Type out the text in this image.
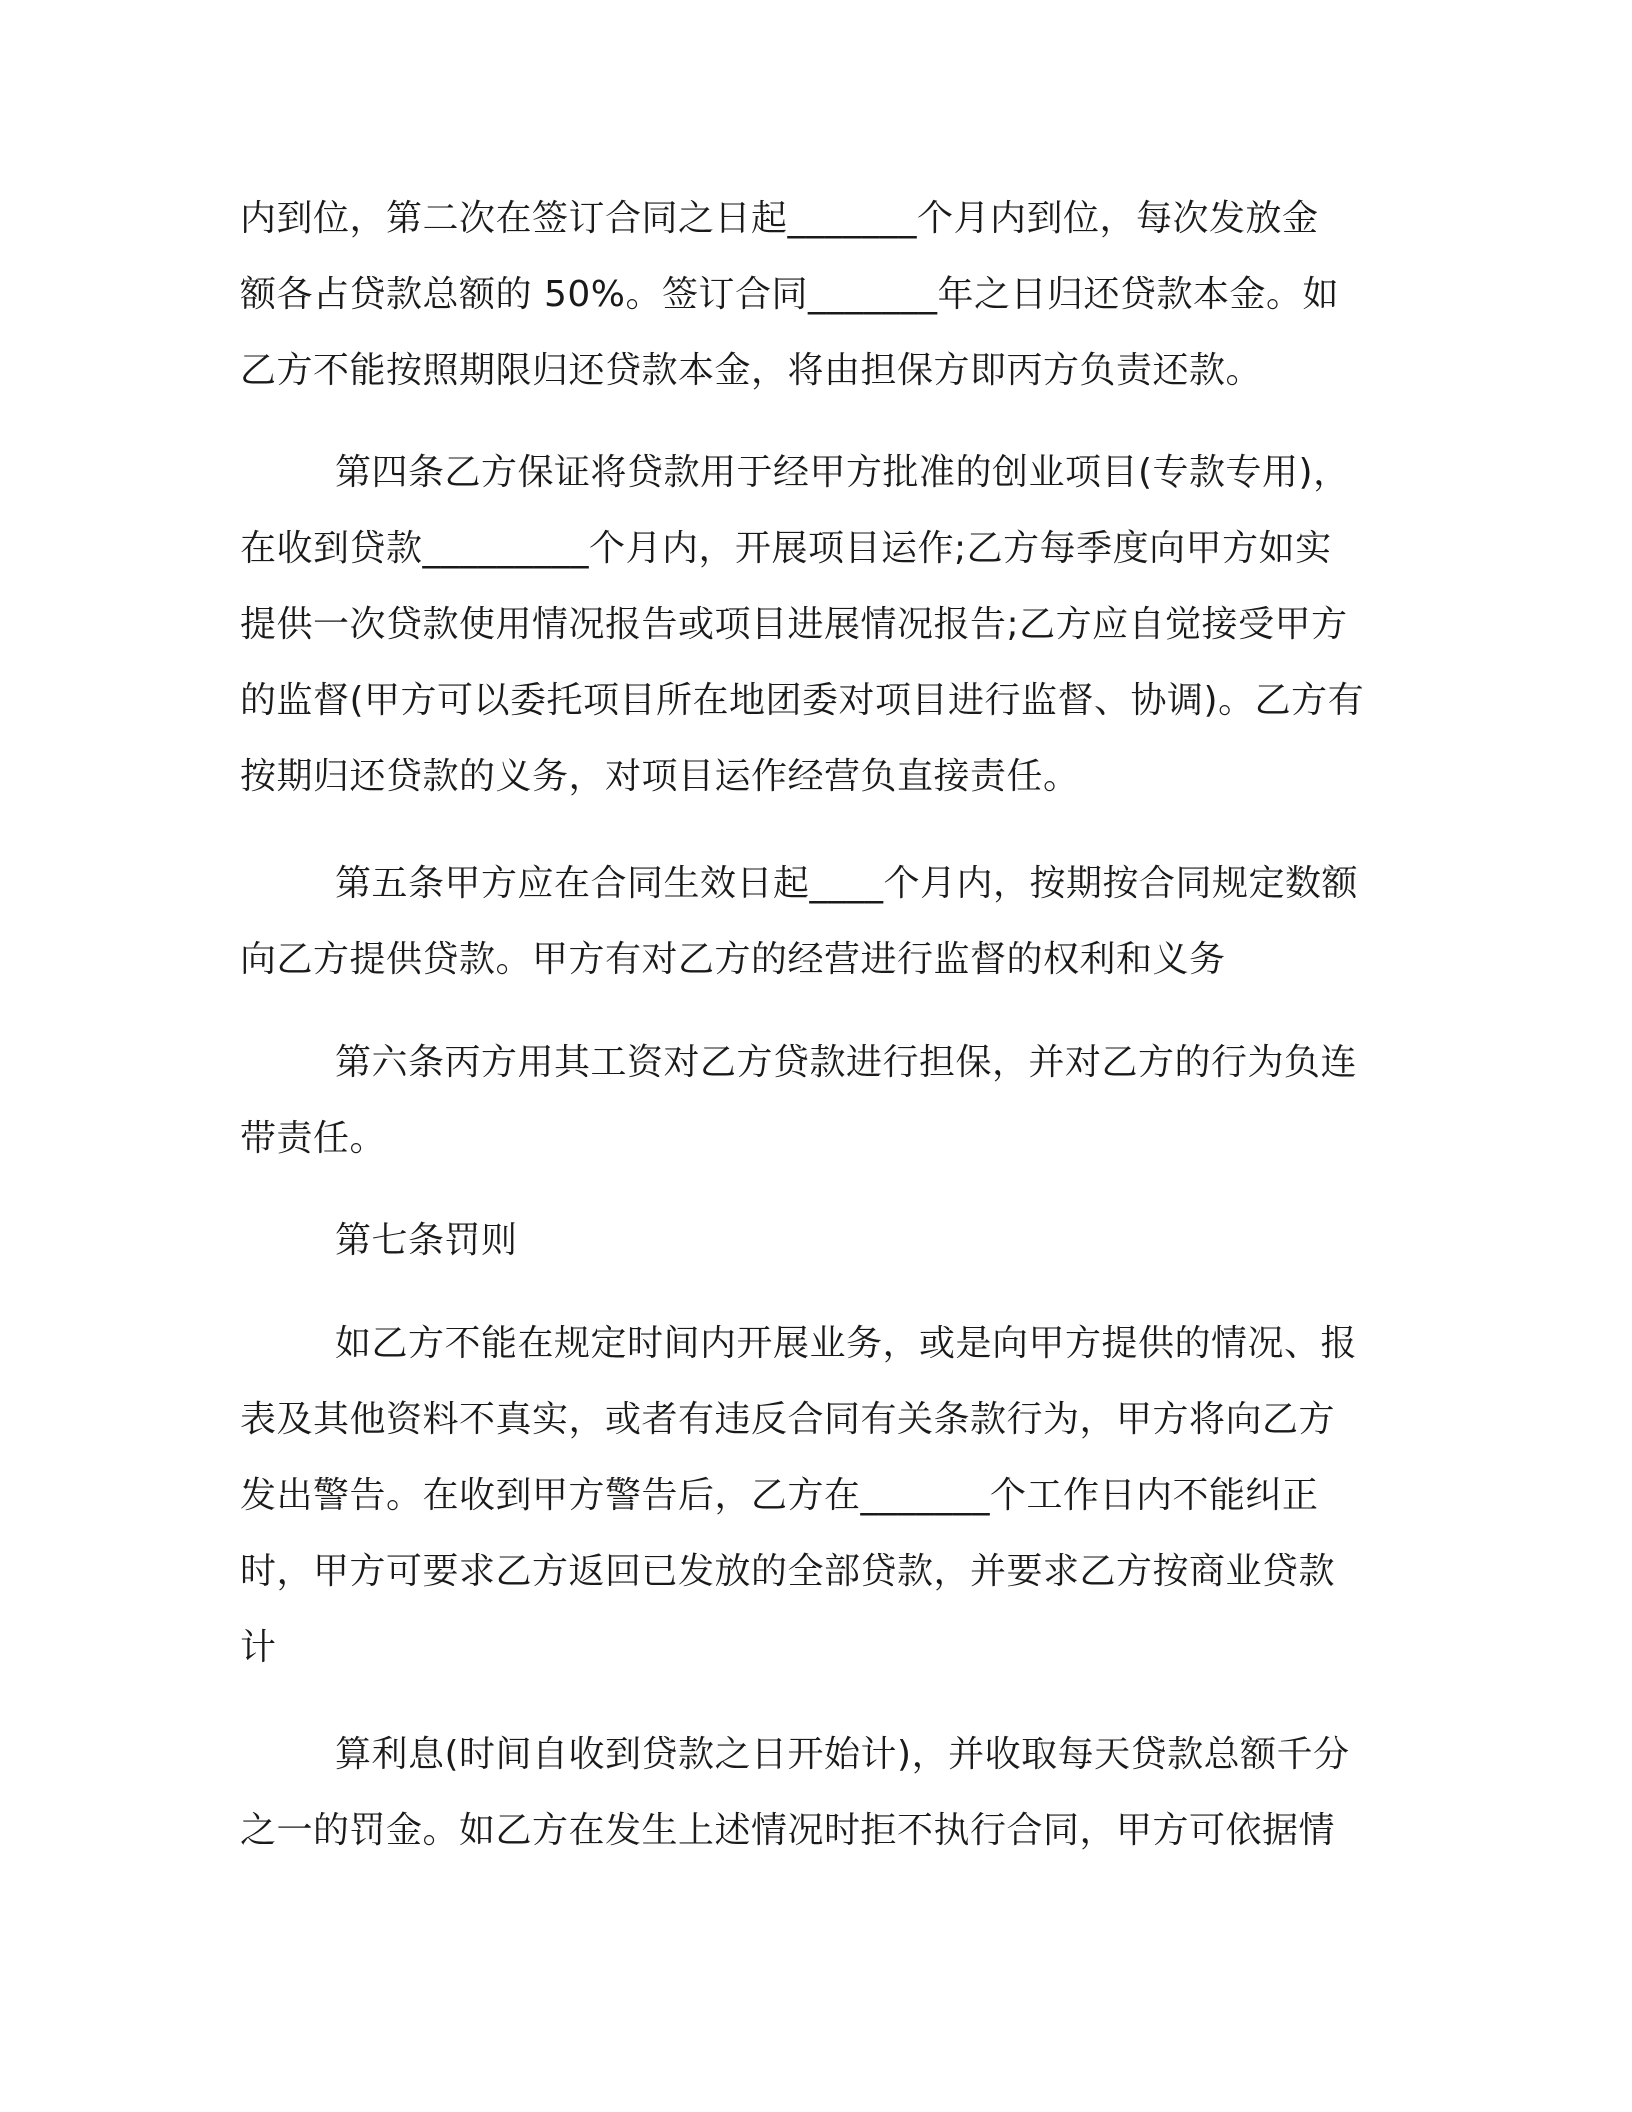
内到位，第二次在签订合同之日起_______个月内到位，每次发放金
额各占贷款总额的 50%。签订合同_______年之日归还贷款本金。如
乙方不能按照期限归还贷款本金，将由担保方即丙方负责还款。
第四条乙方保证将贷款用于经甲方批准的创业项目(专款专用)，
在收到贷款_________个月内，开展项目运作;乙方每季度向甲方如实
提供一次贷款使用情况报告或项目进展情况报告;乙方应自觉接受甲方
的监督(甲方可以委托项目所在地团委对项目进行监督、协调)。乙方有
按期归还贷款的义务，对项目运作经营负直接责任。
第五条甲方应在合同生效日起____个月内，按期按合同规定数额
向乙方提供贷款。甲方有对乙方的经营进行监督的权利和义务
第六条丙方用其工资对乙方贷款进行担保，并对乙方的行为负连
带责任。
第七条罚则
如乙方不能在规定时间内开展业务，或是向甲方提供的情况、报
表及其他资料不真实，或者有违反合同有关条款行为，甲方将向乙方
发出警告。在收到甲方警告后，乙方在_______个工作日内不能纠正
时，甲方可要求乙方返回已发放的全部贷款，并要求乙方按商业贷款
计
算利息(时间自收到贷款之日开始计)，并收取每天贷款总额千分
之一的罚金。如乙方在发生上述情况时拒不执行合同，甲方可依据情
